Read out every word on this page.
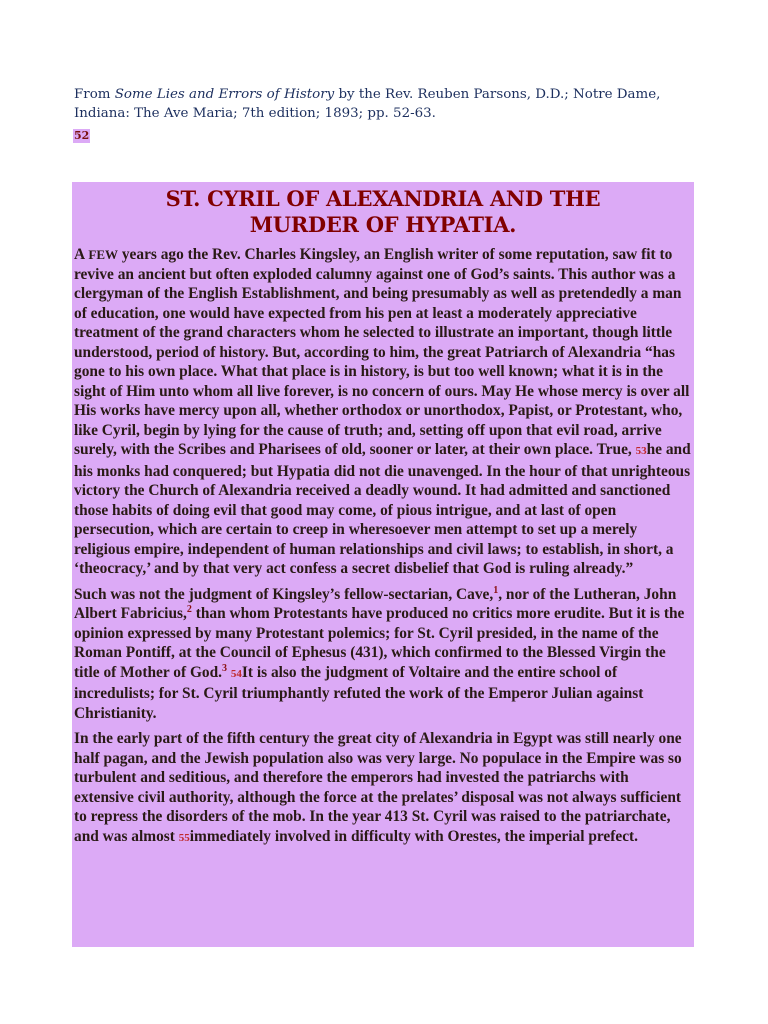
From Some Lies and Errors of History by the Rev. Reuben Parsons, D.D.; Notre Dame, Indiana: The Ave Maria; 7th edition; 1893; pp. 52-63.
52
ST. CYRIL OF ALEXANDRIA AND THE
MURDER OF HYPATIA.

A FEW years ago the Rev. Charles Kingsley, an English writer of some reputation, saw fit to revive an ancient but often exploded calumny against one of God’s saints. This author was a clergyman of the English Establishment, and being presumably as well as pretendedly a man of education, one would have expected from his pen at least a moderately appreciative treatment of the grand characters whom he selected to illustrate an important, though little understood, period of history. But, according to him, the great Patriarch of Alexandria “has gone to his own place. What that place is in history, is but too well known; what it is in the sight of Him unto whom all live forever, is no concern of ours. May He whose mercy is over all His works have mercy upon all, whether orthodox or unorthodox, Papist, or Protestant, who, like Cyril, begin by lying for the cause of truth; and, setting off upon that evil road, arrive surely, with the Scribes and Pharisees of old, sooner or later, at their own place. True, 53he and his monks had conquered; but Hypatia did not die unavenged. In the hour of that unrighteous victory the Church of Alexandria received a deadly wound. It had admitted and sanctioned those habits of doing evil that good may come, of pious intrigue, and at last of open persecution, which are certain to creep in wheresoever men attempt to set up a merely religious empire, independent of human relationships and civil laws; to establish, in short, a ‘theocracy,’ and by that very act confess a secret disbelief that God is ruling already.”

Such was not the judgment of Kingsley’s fellow-sectarian, Cave,$^1$, nor of the Lutheran, John Albert Fabricius,$^2$ than whom Protestants have produced no critics more erudite. But it is the opinion expressed by many Protestant polemics; for St. Cyril presided, in the name of the Roman Pontiff, at the Council of Ephesus (431), which confirmed to the Blessed Virgin the title of Mother of God.$^3$ 54It is also the judgment of Voltaire and the entire school of incredulists; for St. Cyril triumphantly refuted the work of the Emperor Julian against Christianity.

In the early part of the fifth century the great city of Alexandria in Egypt was still nearly one half pagan, and the Jewish population also was very large. No populace in the Empire was so turbulent and seditious, and therefore the emperors had invested the patriarchs with extensive civil authority, although the force at the prelates’ disposal was not always sufficient to repress the disorders of the mob. In the year 413 St. Cyril was raised to the patriarchate, and was almost 55immediately involved in difficulty with Orestes, the imperial prefect.
